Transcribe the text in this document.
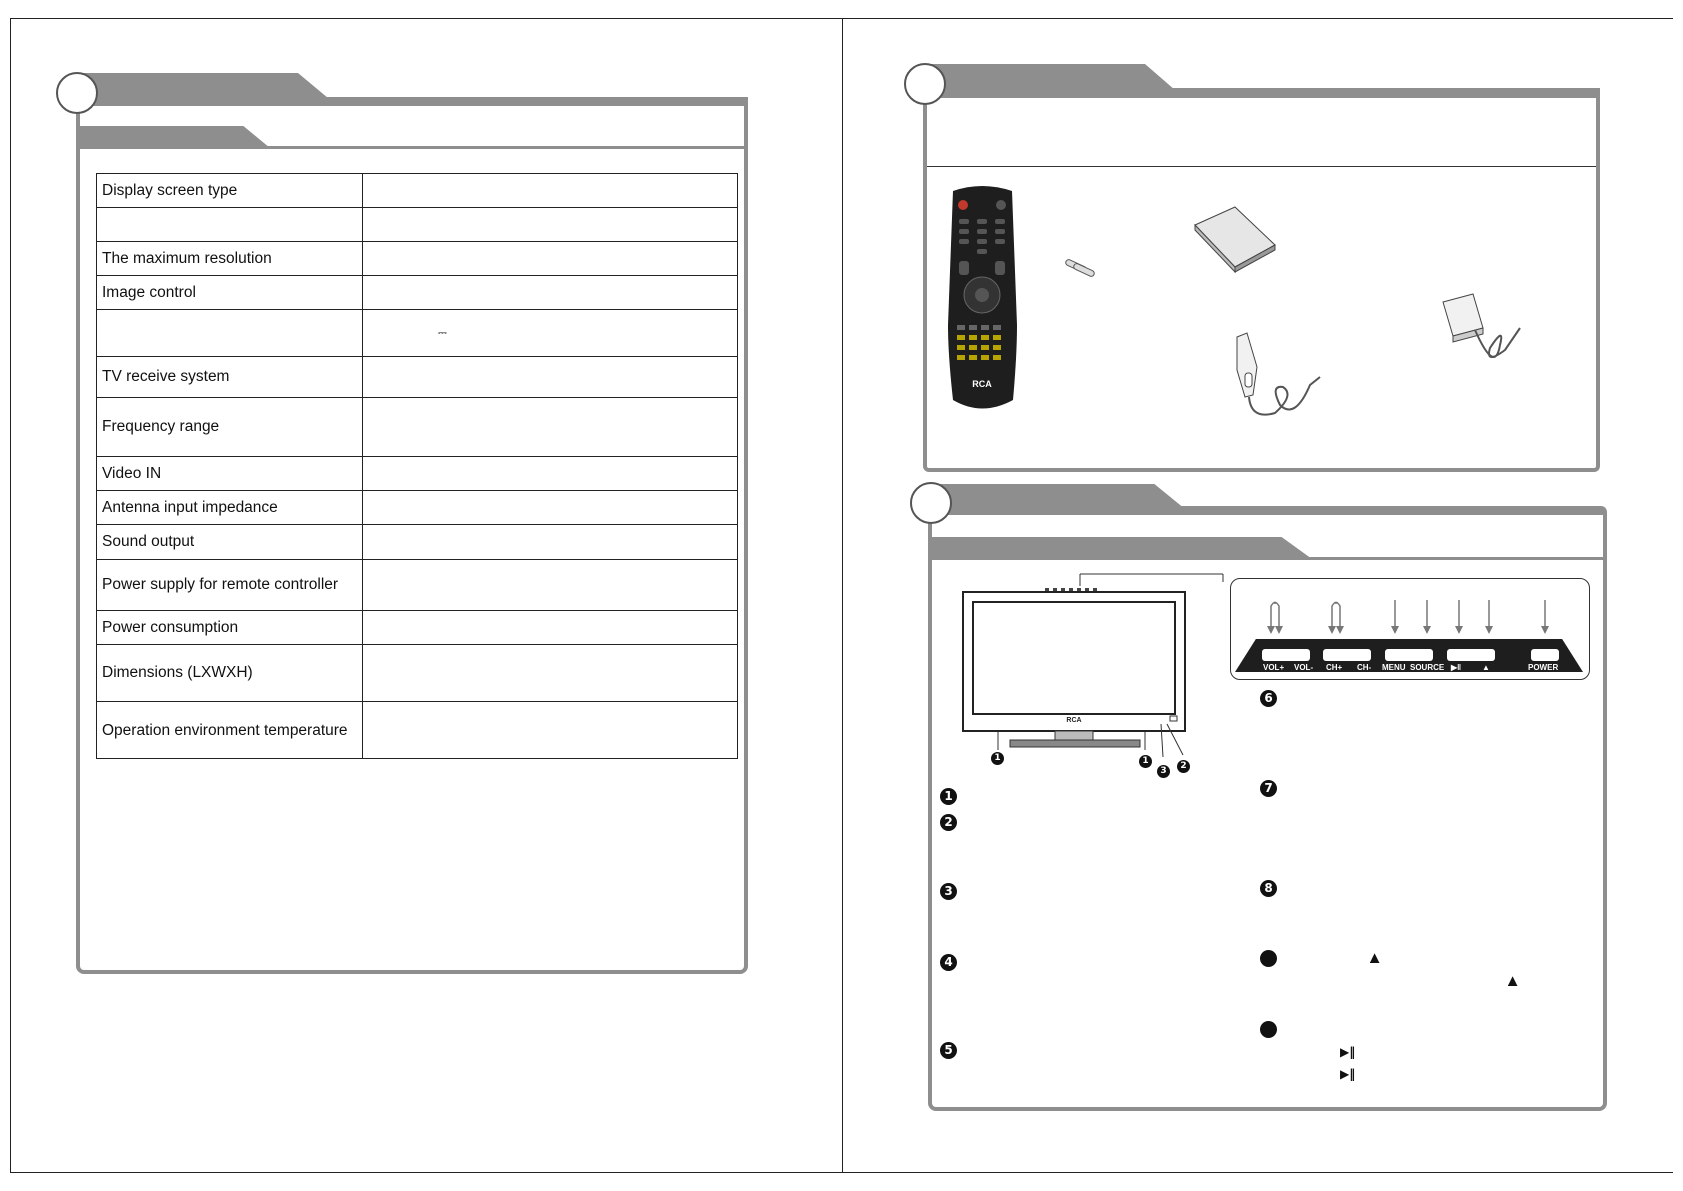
Display screen type	

The maximum resolution	
Image control	
	⎓
TV receive system	
Frequency range	
Video IN	
Antenna input impedance	
Sound output	
Power supply for remote controller	
Power consumption	
Dimensions (LXWXH)	
Operation environment temperature	
RCA
RCA
1	1
3	2
VOL+ VOL- CH+ CH- MENU SOURCE ▶‖	▲	POWER
1
2
3
4
5
6
7
8
▲
▲
▶‖
▶‖
